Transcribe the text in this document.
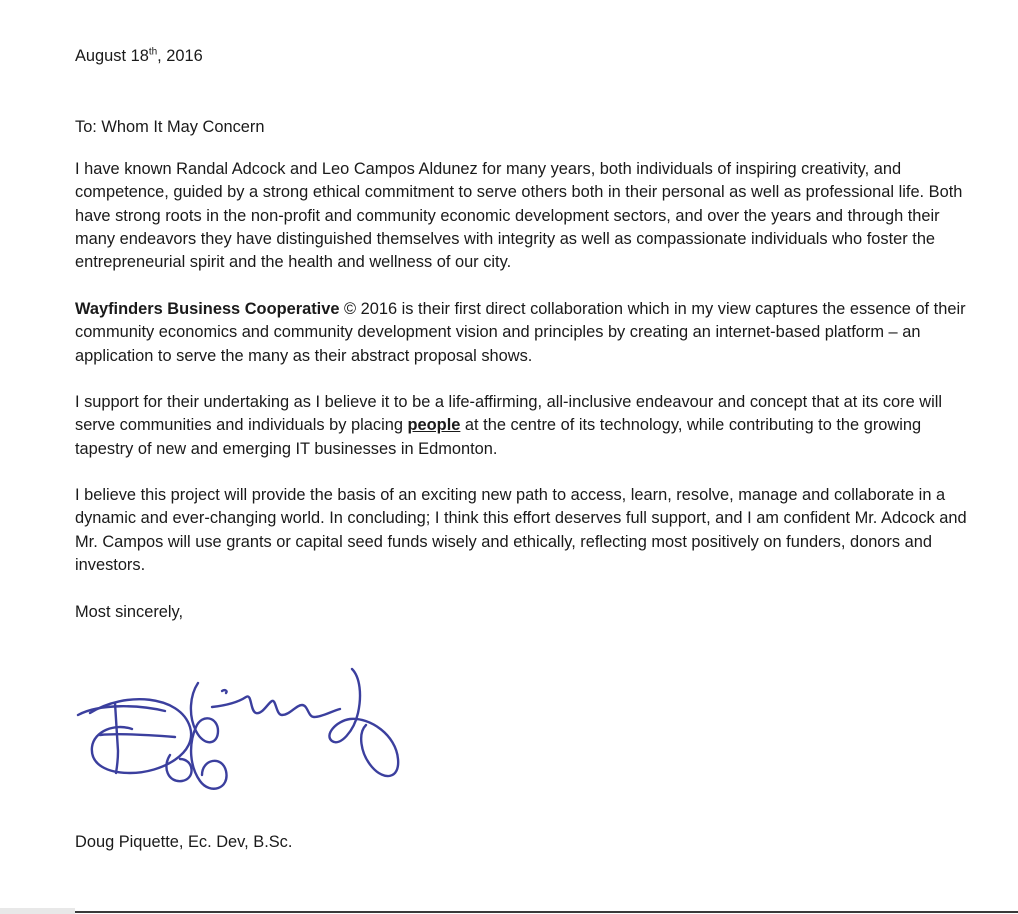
August 18th, 2016

To: Whom It May Concern

I have known Randal Adcock and Leo Campos Aldunez for many years, both individuals of inspiring creativity, and competence, guided by a strong ethical commitment to serve others both in their personal as well as professional life. Both have strong roots in the non-profit and community economic development sectors, and over the years and through their many endeavors they have distinguished themselves with integrity as well as compassionate individuals who foster the entrepreneurial spirit and the health and wellness of our city.

Wayfinders Business Cooperative © 2016 is their first direct collaboration which in my view captures the essence of their community economics and community development vision and principles by creating an internet-based platform – an application to serve the many as their abstract proposal shows.

I support for their undertaking as I believe it to be a life-affirming, all-inclusive endeavour and concept that at its core will serve communities and individuals by placing people at the centre of its technology, while contributing to the growing tapestry of new and emerging IT businesses in Edmonton.

I believe this project will provide the basis of an exciting new path to access, learn, resolve, manage and collaborate in a dynamic and ever-changing world. In concluding; I think this effort deserves full support, and I am confident Mr. Adcock and Mr. Campos will use grants or capital seed funds wisely and ethically, reflecting most positively on funders, donors and investors.

Most sincerely,

Doug Piquette, Ec. Dev, B.Sc.
